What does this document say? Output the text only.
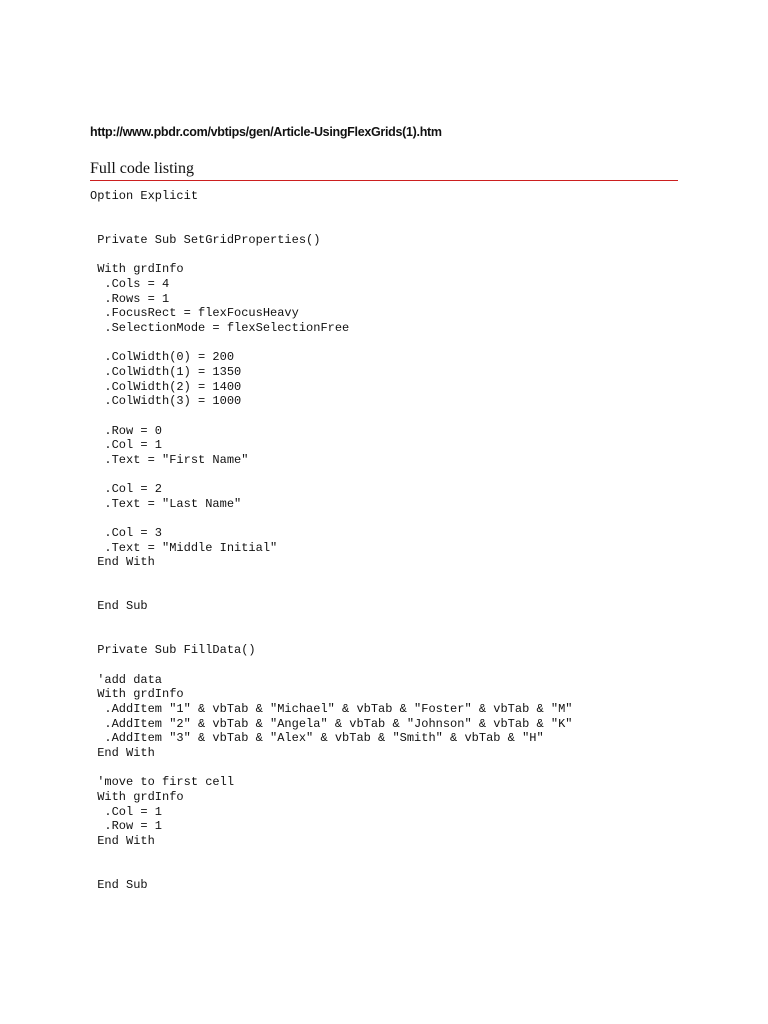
http://www.pbdr.com/vbtips/gen/Article-UsingFlexGrids(1).htm
Full code listing
Option Explicit

Private Sub SetGridProperties()

With grdInfo
.Cols = 4
.Rows = 1
.FocusRect = flexFocusHeavy
.SelectionMode = flexSelectionFree

.ColWidth(0) = 200
.ColWidth(1) = 1350
.ColWidth(2) = 1400
.ColWidth(3) = 1000

.Row = 0
.Col = 1
.Text = "First Name"

.Col = 2
.Text = "Last Name"

.Col = 3
.Text = "Middle Initial"
End With

End Sub

Private Sub FillData()

'add data
With grdInfo
.AddItem "1" & vbTab & "Michael" & vbTab & "Foster" & vbTab & "M"
.AddItem "2" & vbTab & "Angela" & vbTab & "Johnson" & vbTab & "K"
.AddItem "3" & vbTab & "Alex" & vbTab & "Smith" & vbTab & "H"
End With

'move to first cell
With grdInfo
.Col = 1
.Row = 1
End With

End Sub
